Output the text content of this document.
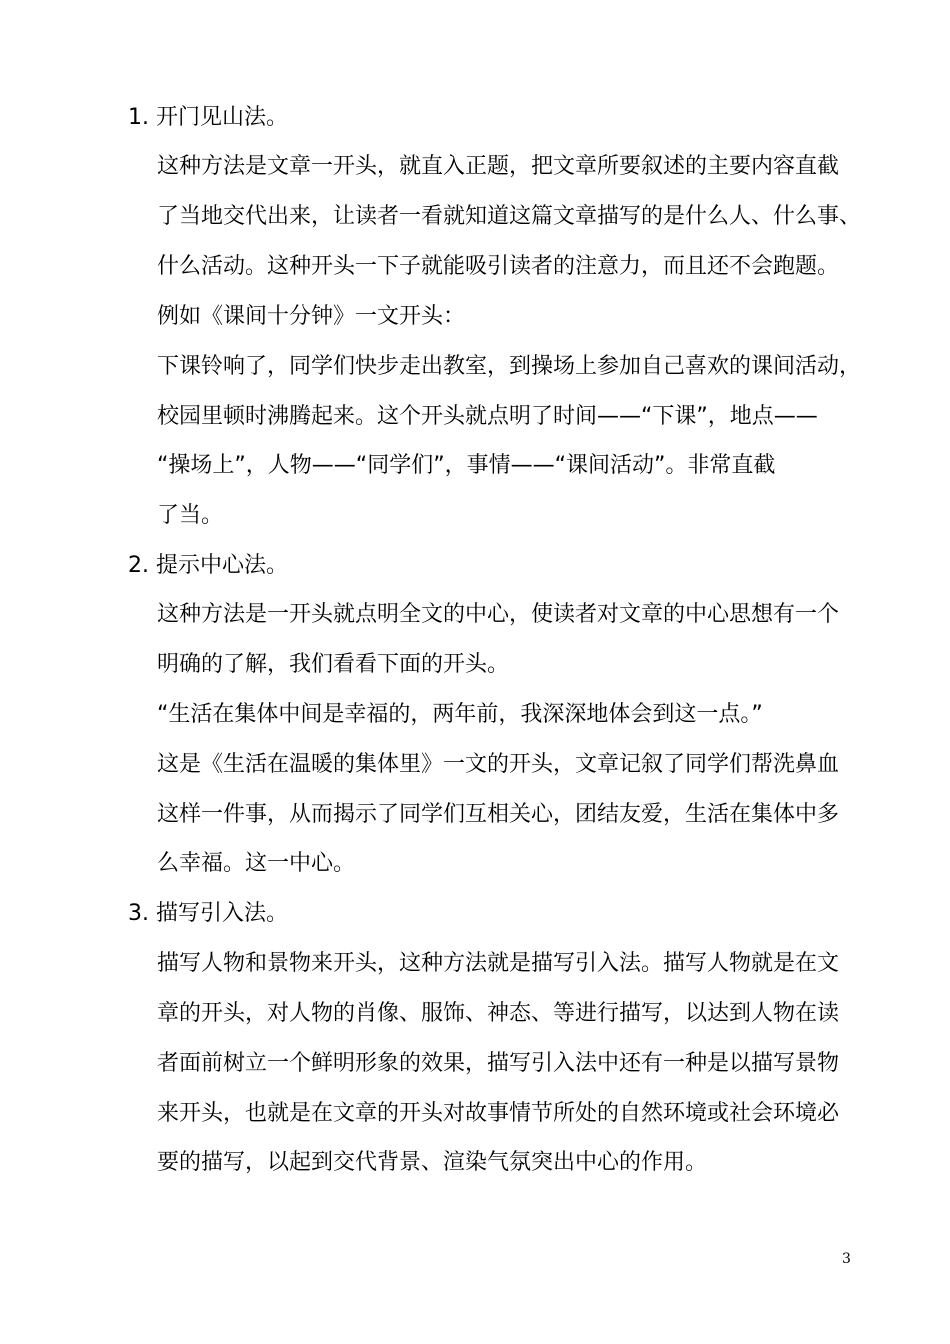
1. 开门见山法。

这种方法是文章一开头，就直入正题，把文章所要叙述的主要内容直截

了当地交代出来，让读者一看就知道这篇文章描写的是什么人、什么事、

什么活动。这种开头一下子就能吸引读者的注意力，而且还不会跑题。

例如《课间十分钟》一文开头：

下课铃响了，同学们快步走出教室，到操场上参加自己喜欢的课间活动，

校园里顿时沸腾起来。这个开头就点明了时间——“下课”，地点——

“操场上”，人物——“同学们”，事情——“课间活动”。非常直截

了当。

2. 提示中心法。

这种方法是一开头就点明全文的中心，使读者对文章的中心思想有一个

明确的了解，我们看看下面的开头。

“生活在集体中间是幸福的，两年前，我深深地体会到这一点。”

这是《生活在温暖的集体里》一文的开头，文章记叙了同学们帮洗鼻血

这样一件事，从而揭示了同学们互相关心，团结友爱，生活在集体中多

么幸福。这一中心。

3. 描写引入法。

描写人物和景物来开头，这种方法就是描写引入法。描写人物就是在文

章的开头，对人物的肖像、服饰、神态、等进行描写，以达到人物在读

者面前树立一个鲜明形象的效果，描写引入法中还有一种是以描写景物

来开头，也就是在文章的开头对故事情节所处的自然环境或社会环境必

要的描写，以起到交代背景、渲染气氛突出中心的作用。

3
